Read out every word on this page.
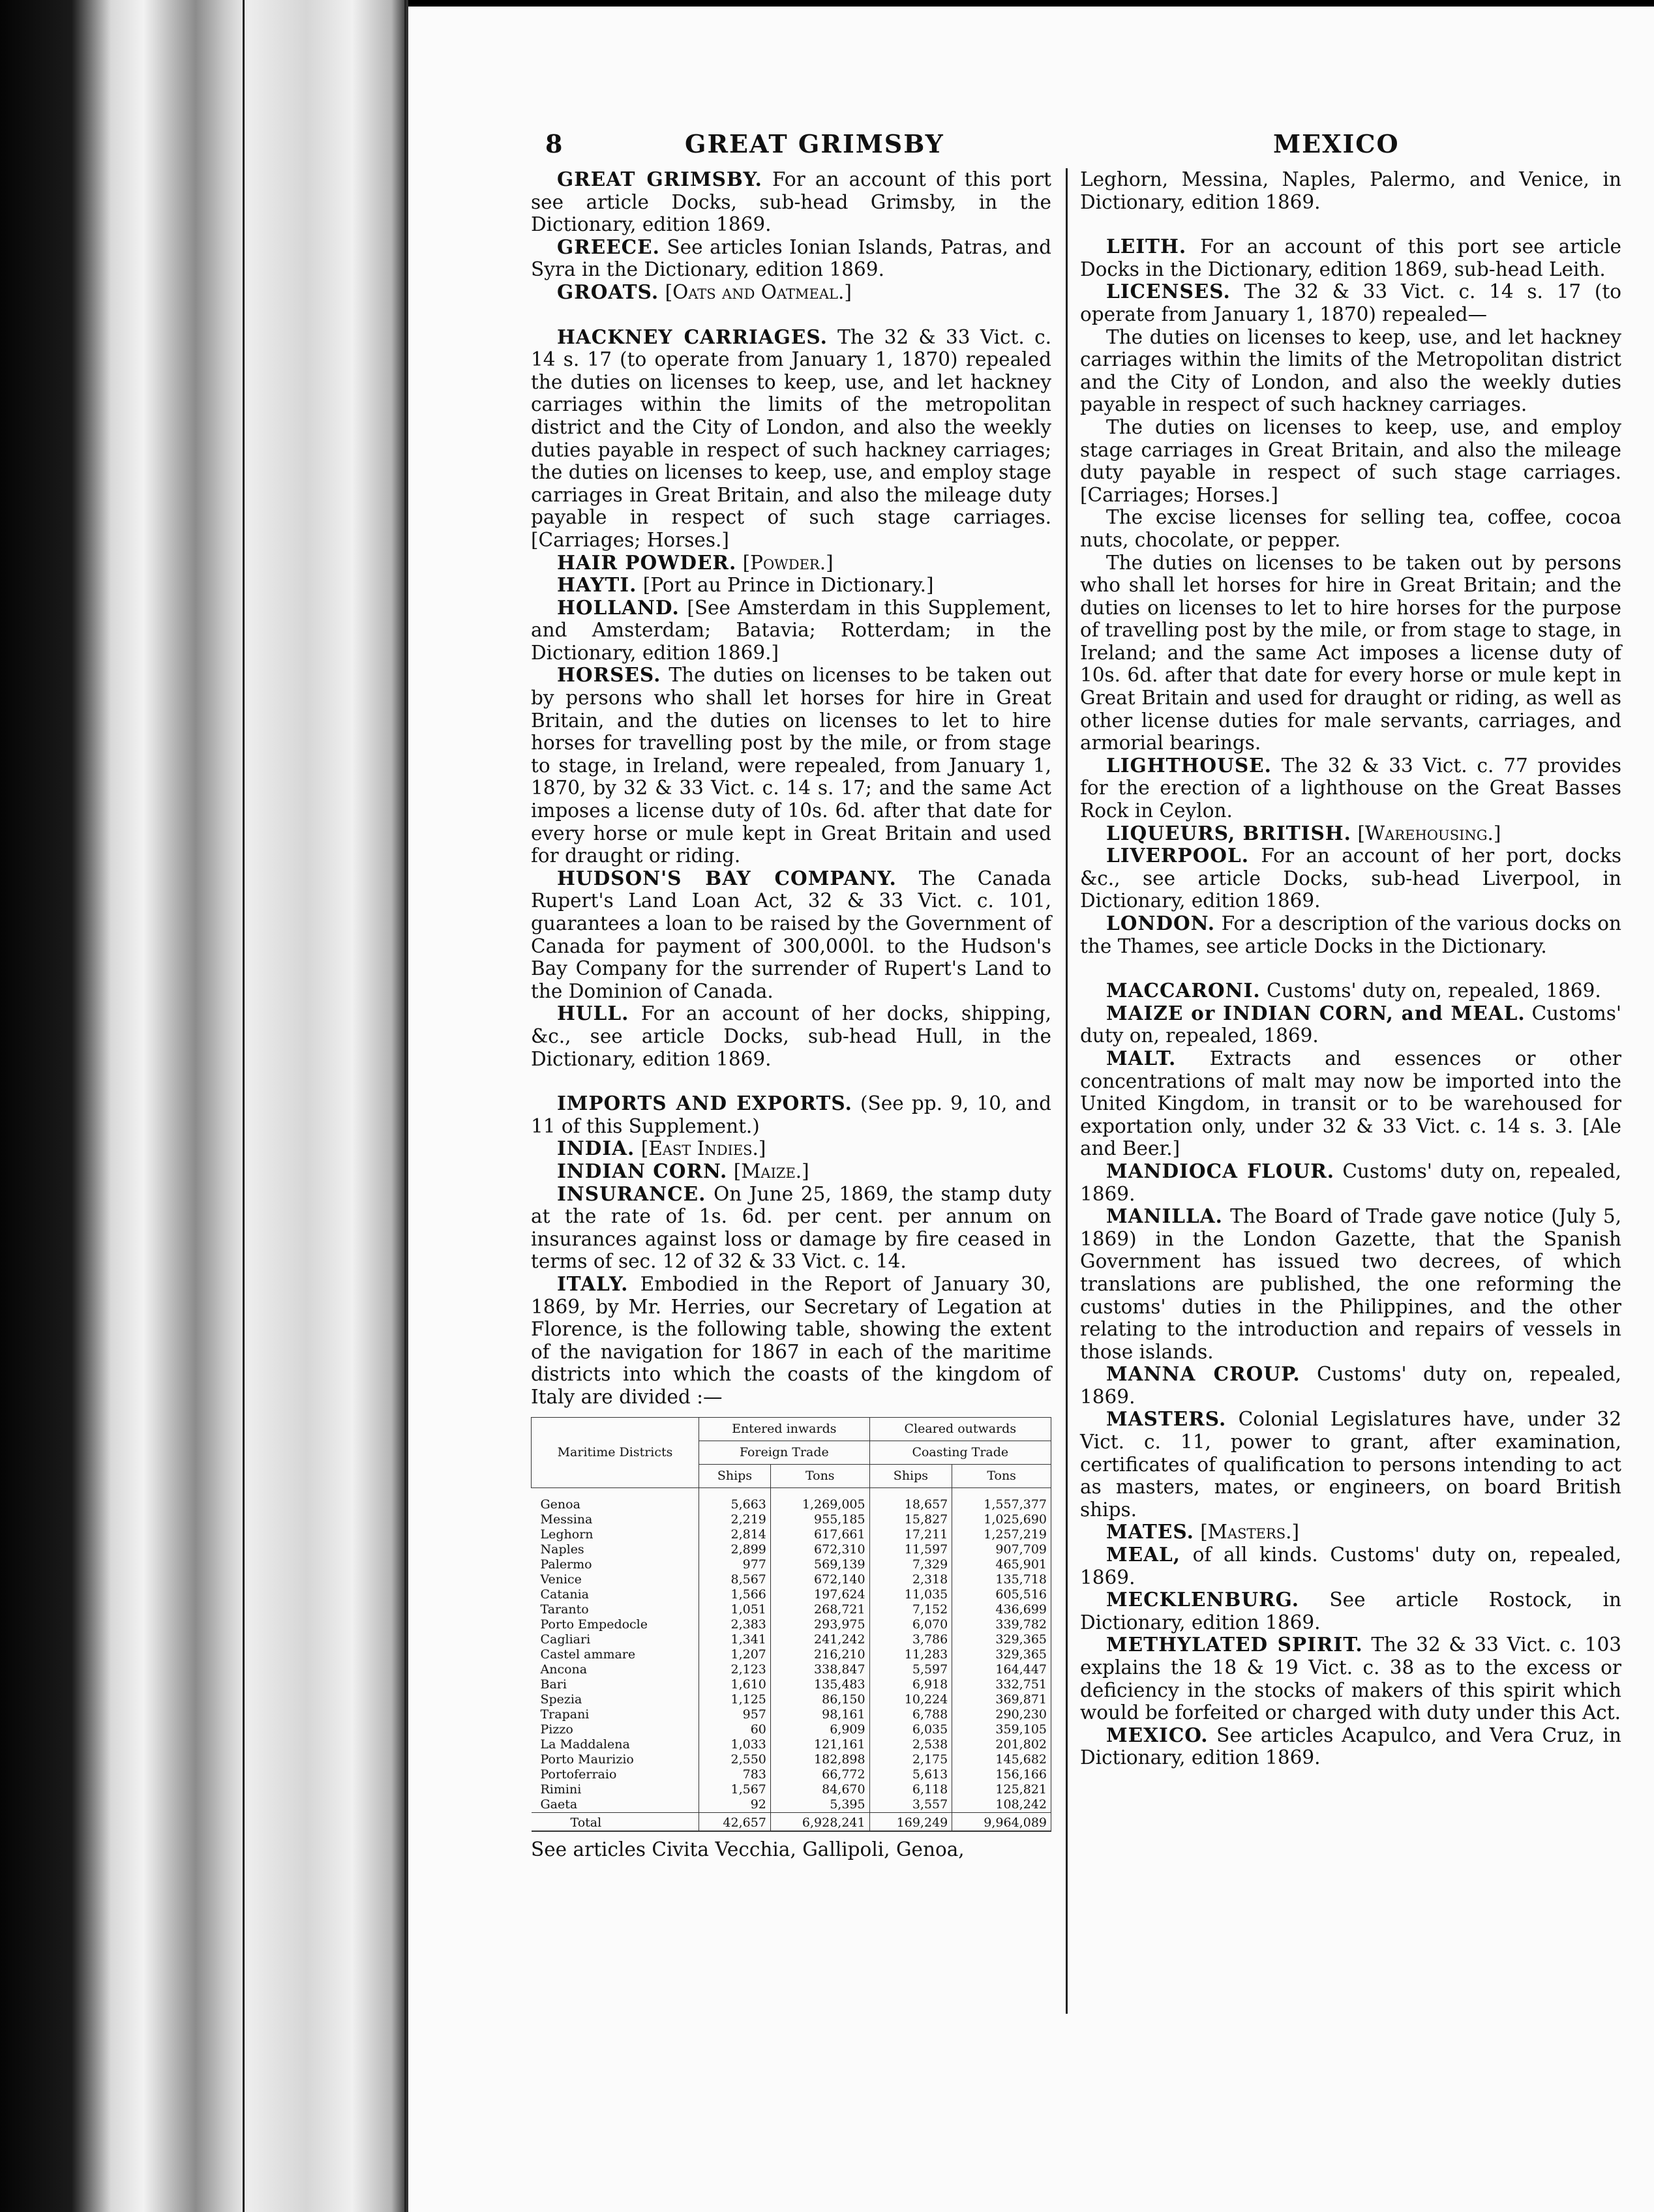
8	GREAT GRIMSBY	MEXICO

GREAT GRIMSBY. For an account of this port see article Docks, sub-head Grimsby, in the Dictionary, edition 1869.

GREECE. See articles Ionian Islands, Patras, and Syra in the Dictionary, edition 1869.

GROATS. [Oats and Oatmeal.]

HACKNEY CARRIAGES. The 32 & 33 Vict. c. 14 s. 17 (to operate from January 1, 1870) repealed the duties on licenses to keep, use, and let hackney carriages within the limits of the metropolitan district and the City of London, and also the weekly duties payable in respect of such hackney carriages; the duties on licenses to keep, use, and employ stage carriages in Great Britain, and also the mileage duty payable in respect of such stage carriages. [Carriages; Horses.]

HAIR POWDER. [Powder.]

HAYTI. [Port au Prince in Dictionary.]

HOLLAND. [See Amsterdam in this Supplement, and Amsterdam; Batavia; Rotterdam; in the Dictionary, edition 1869.]

HORSES. The duties on licenses to be taken out by persons who shall let horses for hire in Great Britain, and the duties on licenses to let to hire horses for travelling post by the mile, or from stage to stage, in Ireland, were repealed, from January 1, 1870, by 32 & 33 Vict. c. 14 s. 17; and the same Act imposes a license duty of 10s. 6d. after that date for every horse or mule kept in Great Britain and used for draught or riding.

HUDSON'S BAY COMPANY. The Canada Rupert's Land Loan Act, 32 & 33 Vict. c. 101, guarantees a loan to be raised by the Government of Canada for payment of 300,000l. to the Hudson's Bay Company for the surrender of Rupert's Land to the Dominion of Canada.

HULL. For an account of her docks, shipping, &c., see article Docks, sub-head Hull, in the Dictionary, edition 1869.

IMPORTS AND EXPORTS. (See pp. 9, 10, and 11 of this Supplement.)

INDIA. [East Indies.]

INDIAN CORN. [Maize.]

INSURANCE. On June 25, 1869, the stamp duty at the rate of 1s. 6d. per cent. per annum on insurances against loss or damage by fire ceased in terms of sec. 12 of 32 & 33 Vict. c. 14.

ITALY. Embodied in the Report of January 30, 1869, by Mr. Herries, our Secretary of Legation at Florence, is the following table, showing the extent of the navigation for 1867 in each of the maritime districts into which the coasts of the kingdom of Italy are divided :—

Maritime Districts	Entered inwards		Cleared outwards	
	Foreign Trade		Coasting Trade	
	Ships	Tons	Ships	Tons
Genoa	5,663	1,269,005	18,657	1,557,377
Messina	2,219	955,185	15,827	1,025,690
Leghorn	2,814	617,661	17,211	1,257,219
Naples	2,899	672,310	11,597	907,709
Palermo	977	569,139	7,329	465,901
Venice	8,567	672,140	2,318	135,718
Catania	1,566	197,624	11,035	605,516
Taranto	1,051	268,721	7,152	436,699
Porto Empedocle	2,383	293,975	6,070	339,782
Cagliari	1,341	241,242	3,786	329,365
Castel ammare	1,207	216,210	11,283	329,365
Ancona	2,123	338,847	5,597	164,447
Bari	1,610	135,483	6,918	332,751
Spezia	1,125	86,150	10,224	369,871
Trapani	957	98,161	6,788	290,230
Pizzo	60	6,909	6,035	359,105
La Maddalena	1,033	121,161	2,538	201,802
Porto Maurizio	2,550	182,898	2,175	145,682
Portoferraio	783	66,772	5,613	156,166
Rimini	1,567	84,670	6,118	125,821
Gaeta	92	5,395	3,557	108,242
Total	42,657	6,928,241	169,249	9,964,089
See articles Civita Vecchia, Gallipoli, Genoa,

Leghorn, Messina, Naples, Palermo, and Venice, in Dictionary, edition 1869.

LEITH. For an account of this port see article Docks in the Dictionary, edition 1869, sub-head Leith.

LICENSES. The 32 & 33 Vict. c. 14 s. 17 (to operate from January 1, 1870) repealed—

The duties on licenses to keep, use, and let hackney carriages within the limits of the Metropolitan district and the City of London, and also the weekly duties payable in respect of such hackney carriages.

The duties on licenses to keep, use, and employ stage carriages in Great Britain, and also the mileage duty payable in respect of such stage carriages. [Carriages; Horses.]

The excise licenses for selling tea, coffee, cocoa nuts, chocolate, or pepper.

The duties on licenses to be taken out by persons who shall let horses for hire in Great Britain; and the duties on licenses to let to hire horses for the purpose of travelling post by the mile, or from stage to stage, in Ireland; and the same Act imposes a license duty of 10s. 6d. after that date for every horse or mule kept in Great Britain and used for draught or riding, as well as other license duties for male servants, carriages, and armorial bearings.

LIGHTHOUSE. The 32 & 33 Vict. c. 77 provides for the erection of a lighthouse on the Great Basses Rock in Ceylon.

LIQUEURS, BRITISH. [Warehousing.]

LIVERPOOL. For an account of her port, docks &c., see article Docks, sub-head Liverpool, in Dictionary, edition 1869.

LONDON. For a description of the various docks on the Thames, see article Docks in the Dictionary.

MACCARONI. Customs' duty on, repealed, 1869.

MAIZE or INDIAN CORN, and MEAL. Customs' duty on, repealed, 1869.

MALT. Extracts and essences or other concentrations of malt may now be imported into the United Kingdom, in transit or to be warehoused for exportation only, under 32 & 33 Vict. c. 14 s. 3. [Ale and Beer.]

MANDIOCA FLOUR. Customs' duty on, repealed, 1869.

MANILLA. The Board of Trade gave notice (July 5, 1869) in the London Gazette, that the Spanish Government has issued two decrees, of which translations are published, the one reforming the customs' duties in the Philippines, and the other relating to the introduction and repairs of vessels in those islands.

MANNA CROUP. Customs' duty on, repealed, 1869.

MASTERS. Colonial Legislatures have, under 32 Vict. c. 11, power to grant, after examination, certificates of qualification to persons intending to act as masters, mates, or engineers, on board British ships.

MATES. [Masters.]

MEAL, of all kinds. Customs' duty on, repealed, 1869.

MECKLENBURG. See article Rostock, in Dictionary, edition 1869.

METHYLATED SPIRIT. The 32 & 33 Vict. c. 103 explains the 18 & 19 Vict. c. 38 as to the excess or deficiency in the stocks of makers of this spirit which would be forfeited or charged with duty under this Act.

MEXICO. See articles Acapulco, and Vera Cruz, in Dictionary, edition 1869.
